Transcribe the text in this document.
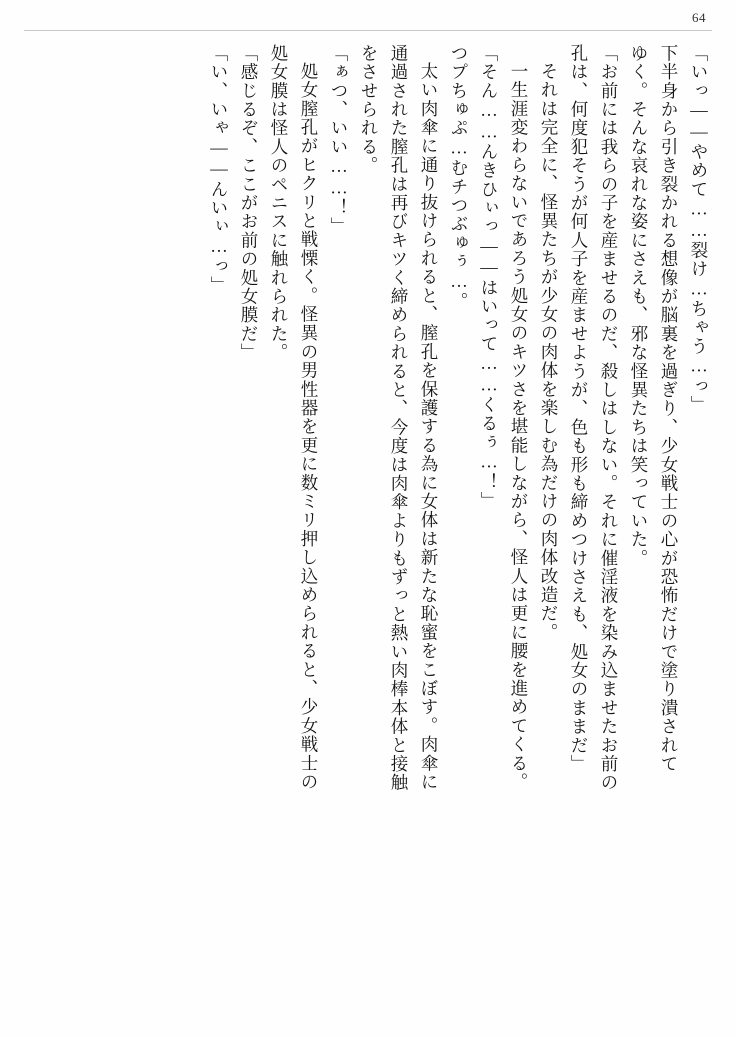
64
「いっ――やめて……裂け…ちゃう…っ」
下半身から引き裂かれる想像が脳裏を過ぎり、少女戦士の心が恐怖だけで塗り潰されて
ゆく。そんな哀れな姿にさえも、邪な怪異たちは笑っていた。
「お前には我らの子を産ませるのだ、殺しはしない。それに催淫液を染み込ませたお前の
孔は、何度犯そうが何人子を産ませようが、色も形も締めつけさえも、処女のままだ」
それは完全に、怪異たちが少女の肉体を楽しむ為だけの肉体改造だ。
一生涯変わらないであろう処女のキツさを堪能しながら、怪人は更に腰を進めてくる。
「そん……んきひぃっ――はいって……くるぅ…！」
つプちゅぷ…むチつぶゅぅ…。
太い肉傘に通り抜けられると、膣孔を保護する為に女体は新たな恥蜜をこぼす。肉傘に
通過された膣孔は再びキツく締められると、今度は肉傘よりもずっと熱い肉棒本体と接触
をさせられる。
「ぁつ、いい……！」
処女膣孔がヒクリと戦慄く。怪異の男性器を更に数ミリ押し込められると、少女戦士の
処女膜は怪人のペニスに触れられた。
「感じるぞ、ここがお前の処女膜だ」
「い、いゃ――んいぃ…っ」
